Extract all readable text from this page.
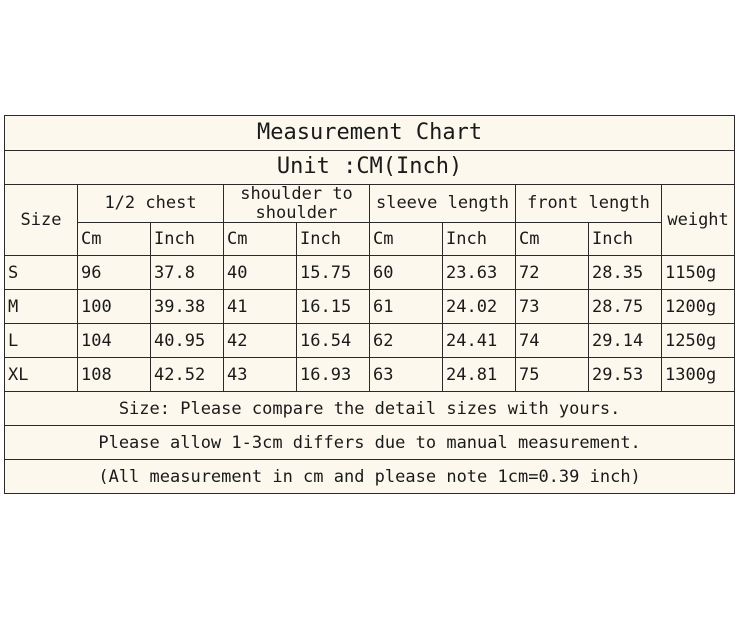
Measurement Chart									
Unit :CM(Inch)									
Size	1/2 chest		shoulder to shoulder		sleeve length		front length		weight
	Cm	Inch	Cm	Inch	Cm	Inch	Cm	Inch	
S	96	37.8	40	15.75	60	23.63	72	28.35	1150g
M	100	39.38	41	16.15	61	24.02	73	28.75	1200g
L	104	40.95	42	16.54	62	24.41	74	29.14	1250g
XL	108	42.52	43	16.93	63	24.81	75	29.53	1300g
Size: Please compare the detail sizes with yours.									
Please allow 1-3cm differs due to manual measurement.									
(All measurement in cm and please note 1cm=0.39 inch)									
